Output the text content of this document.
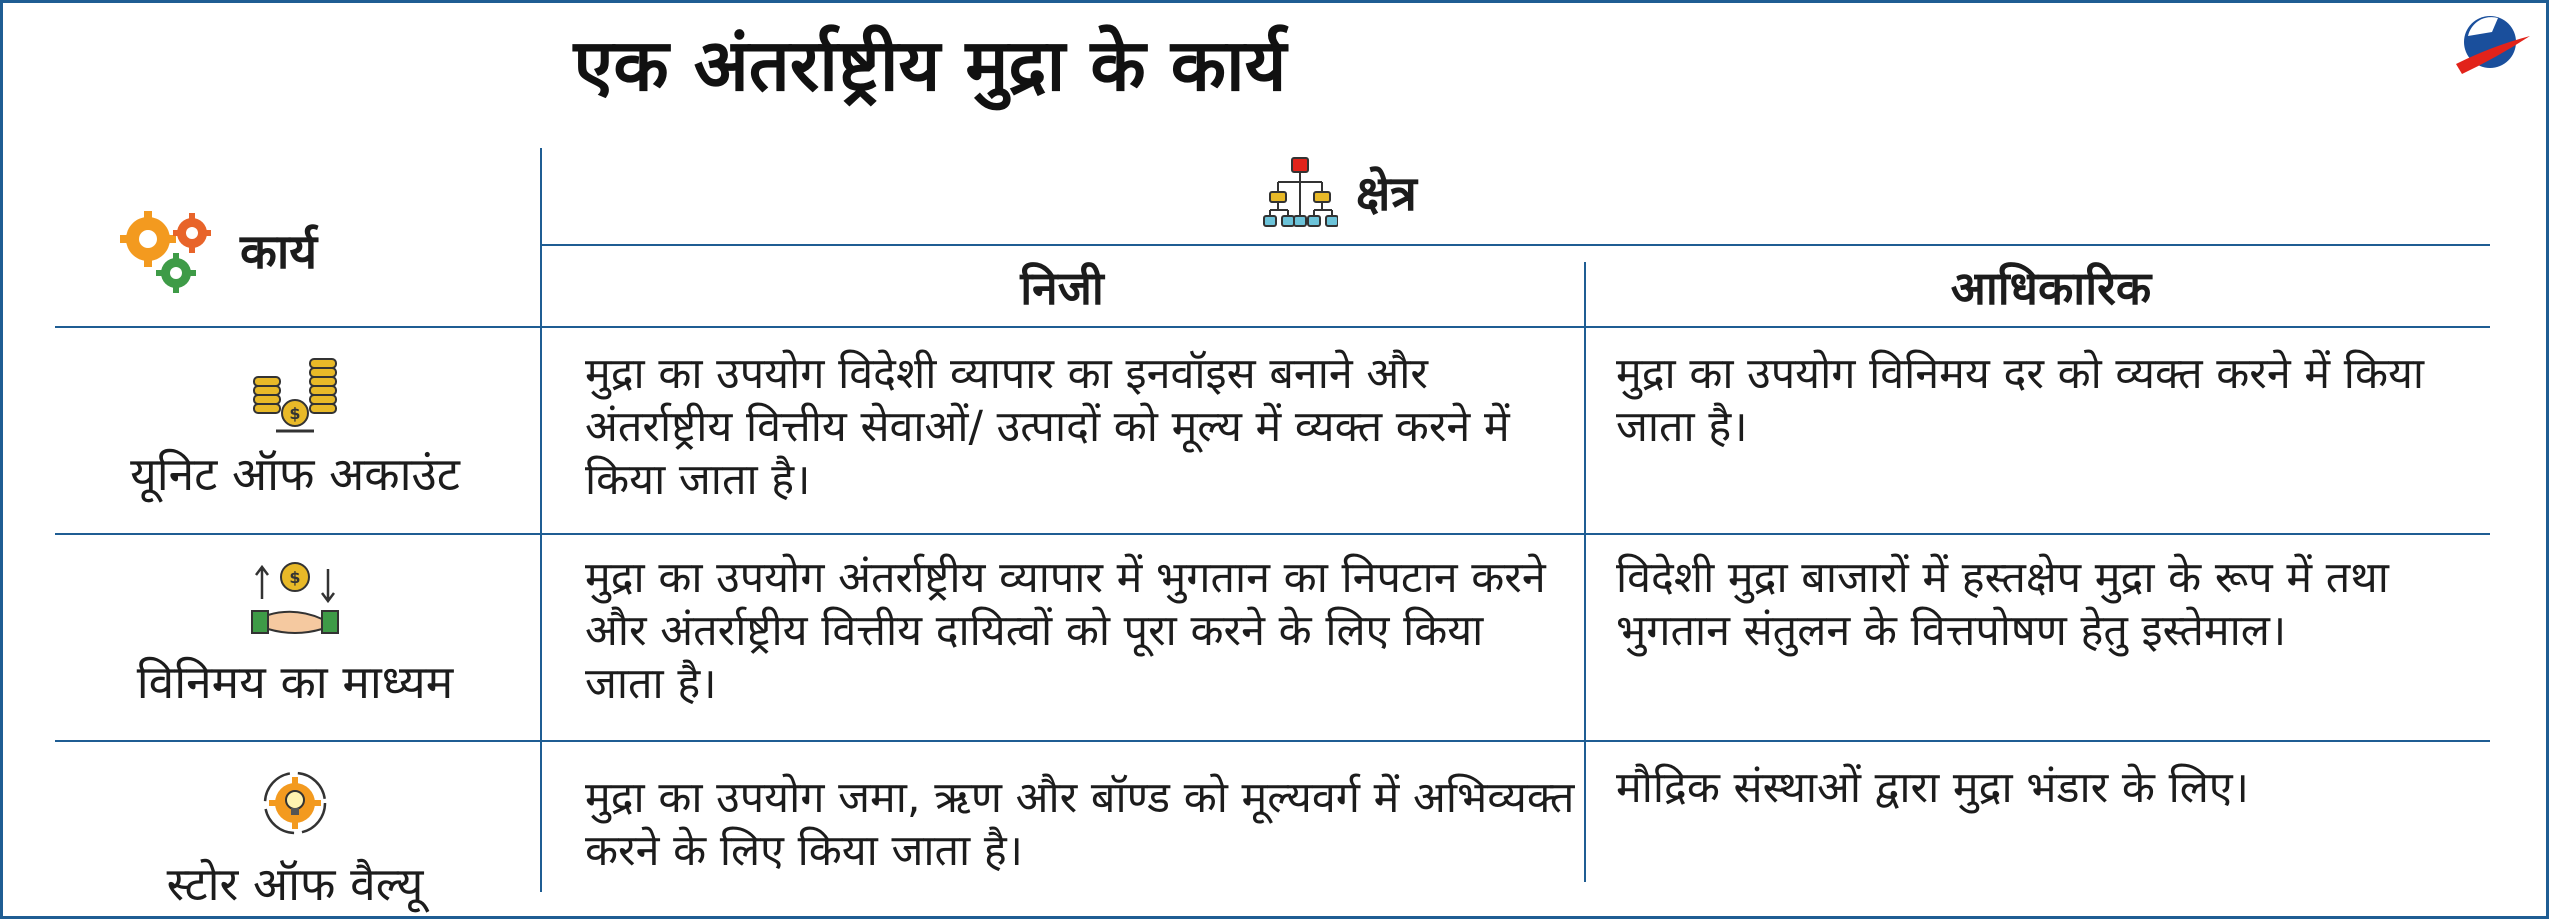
एक अंतर्राष्ट्रीय मुद्रा के कार्य
कार्य
क्षेत्र
निजी	आधिकारिक
$
यूनिट ऑफ अकाउंट
मुद्रा का उपयोग विदेशी व्यापार का इनवॉइस बनाने और अंतर्राष्ट्रीय वित्तीय सेवाओं/ उत्पादों को मूल्य में व्यक्त करने में किया जाता है।
मुद्रा का उपयोग विनिमय दर को व्यक्त करने में किया जाता है।
$
विनिमय का माध्यम
मुद्रा का उपयोग अंतर्राष्ट्रीय व्यापार में भुगतान का निपटान करने और अंतर्राष्ट्रीय वित्तीय दायित्वों को पूरा करने के लिए किया जाता है।
विदेशी मुद्रा बाजारों में हस्तक्षेप मुद्रा के रूप में तथा भुगतान संतुलन के वित्तपोषण हेतु इस्तेमाल।
स्टोर ऑफ वैल्यू
मुद्रा का उपयोग जमा, ऋण और बॉण्ड को मूल्यवर्ग में अभिव्यक्त करने के लिए किया जाता है।
मौद्रिक संस्थाओं द्वारा मुद्रा भंडार के लिए।
